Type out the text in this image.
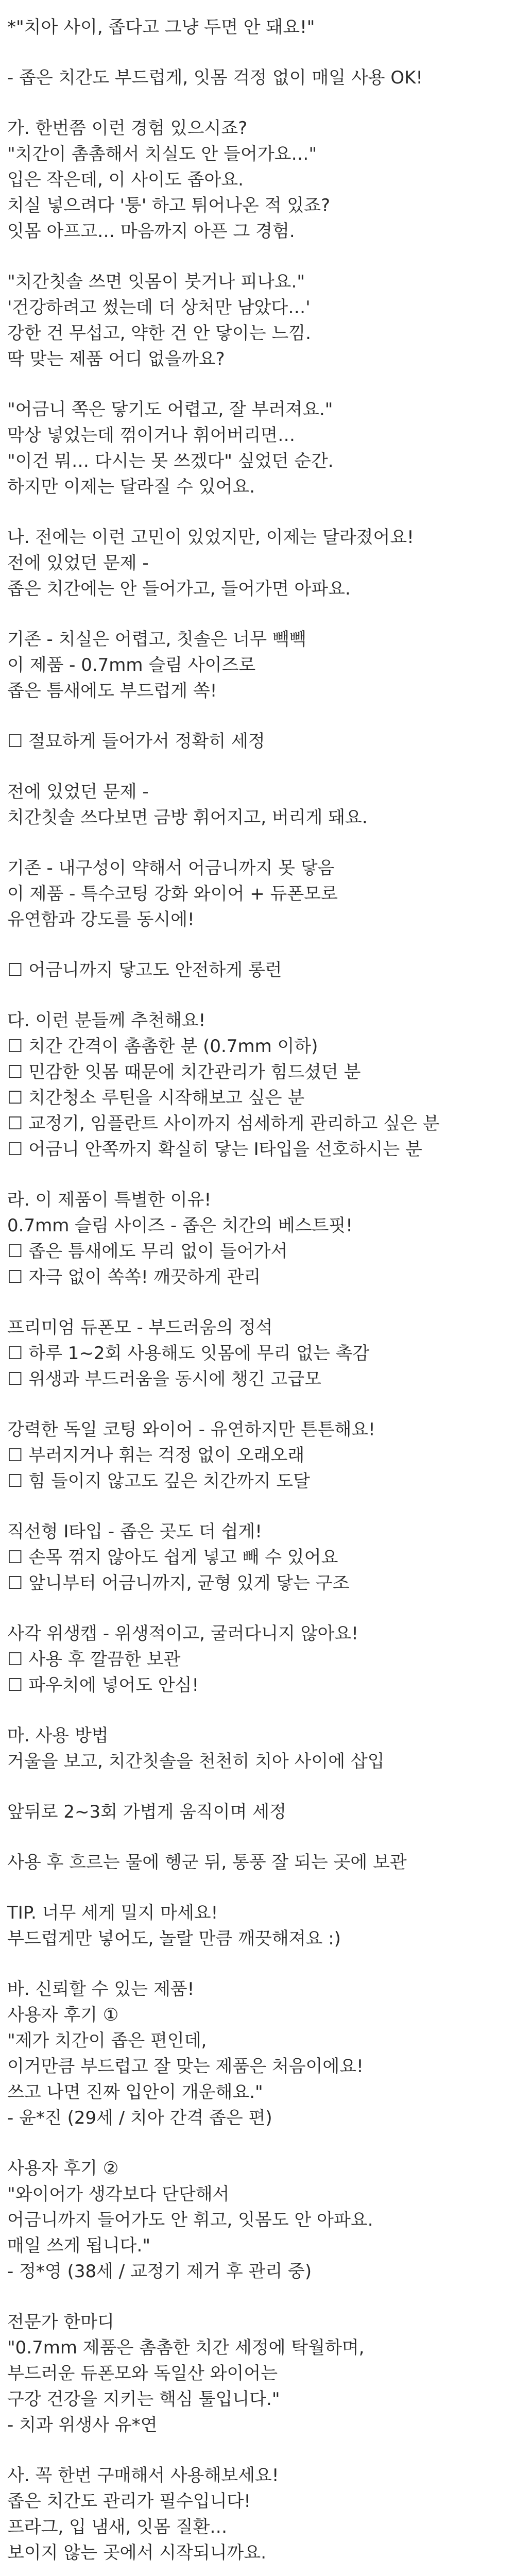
*"치아 사이, 좁다고 그냥 두면 안 돼요!"
- 좁은 치간도 부드럽게, 잇몸 걱정 없이 매일 사용 OK!
가. 한번쯤 이런 경험 있으시죠?
"치간이 촘촘해서 치실도 안 들어가요…"
입은 작은데, 이 사이도 좁아요.
치실 넣으려다 '퉁' 하고 튀어나온 적 있죠?
잇몸 아프고… 마음까지 아픈 그 경험.
"치간칫솔 쓰면 잇몸이 붓거나 피나요."
'건강하려고 썼는데 더 상처만 남았다…'
강한 건 무섭고, 약한 건 안 닿이는 느낌.
딱 맞는 제품 어디 없을까요?
"어금니 쪽은 닿기도 어렵고, 잘 부러져요."
막상 넣었는데 꺾이거나 휘어버리면…
"이건 뭐… 다시는 못 쓰겠다" 싶었던 순간.
하지만 이제는 달라질 수 있어요.
나. 전에는 이런 고민이 있었지만, 이제는 달라졌어요!
전에 있었던 문제 -
좁은 치간에는 안 들어가고, 들어가면 아파요.
기존 - 치실은 어렵고, 칫솔은 너무 빽빽
이 제품 - 0.7mm 슬림 사이즈로
좁은 틈새에도 부드럽게 쏙!
☐ 절묘하게 들어가서 정확히 세정
전에 있었던 문제 -
치간칫솔 쓰다보면 금방 휘어지고, 버리게 돼요.
기존 - 내구성이 약해서 어금니까지 못 닿음
이 제품 - 특수코팅 강화 와이어 + 듀폰모로
유연함과 강도를 동시에!
☐ 어금니까지 닿고도 안전하게 롱런
다. 이런 분들께 추천해요!
☐ 치간 간격이 촘촘한 분 (0.7mm 이하)
☐ 민감한 잇몸 때문에 치간관리가 힘드셨던 분
☐ 치간청소 루틴을 시작해보고 싶은 분
☐ 교정기, 임플란트 사이까지 섬세하게 관리하고 싶은 분
☐ 어금니 안쪽까지 확실히 닿는 I타입을 선호하시는 분
라. 이 제품이 특별한 이유!
0.7mm 슬림 사이즈 - 좁은 치간의 베스트핏!
☐ 좁은 틈새에도 무리 없이 들어가서
☐ 자극 없이 쏙쏙! 깨끗하게 관리
프리미엄 듀폰모 - 부드러움의 정석
☐ 하루 1~2회 사용해도 잇몸에 무리 없는 촉감
☐ 위생과 부드러움을 동시에 챙긴 고급모
강력한 독일 코팅 와이어 - 유연하지만 튼튼해요!
☐ 부러지거나 휘는 걱정 없이 오래오래
☐ 힘 들이지 않고도 깊은 치간까지 도달
직선형 I타입 - 좁은 곳도 더 쉽게!
☐ 손목 꺾지 않아도 쉽게 넣고 빼 수 있어요
☐ 앞니부터 어금니까지, 균형 있게 닿는 구조
사각 위생캡 - 위생적이고, 굴러다니지 않아요!
☐ 사용 후 깔끔한 보관
☐ 파우치에 넣어도 안심!
마. 사용 방법
거울을 보고, 치간칫솔을 천천히 치아 사이에 삽입
앞뒤로 2~3회 가볍게 움직이며 세정
사용 후 흐르는 물에 헹군 뒤, 통풍 잘 되는 곳에 보관
TIP. 너무 세게 밀지 마세요!
부드럽게만 넣어도, 놀랄 만큼 깨끗해져요 :)
바. 신뢰할 수 있는 제품!
사용자 후기 ①
"제가 치간이 좁은 편인데,
이거만큼 부드럽고 잘 맞는 제품은 처음이에요!
쓰고 나면 진짜 입안이 개운해요."
- 윤*진 (29세 / 치아 간격 좁은 편)
사용자 후기 ②
"와이어가 생각보다 단단해서
어금니까지 들어가도 안 휘고, 잇몸도 안 아파요.
매일 쓰게 됩니다."
- 정*영 (38세 / 교정기 제거 후 관리 중)
전문가 한마디
"0.7mm 제품은 촘촘한 치간 세정에 탁월하며,
부드러운 듀폰모와 독일산 와이어는
구강 건강을 지키는 핵심 툴입니다."
- 치과 위생사 유*연
사. 꼭 한번 구매해서 사용해보세요!
좁은 치간도 관리가 필수입니다!
프라그, 입 냄새, 잇몸 질환…
보이지 않는 곳에서 시작되니까요.
